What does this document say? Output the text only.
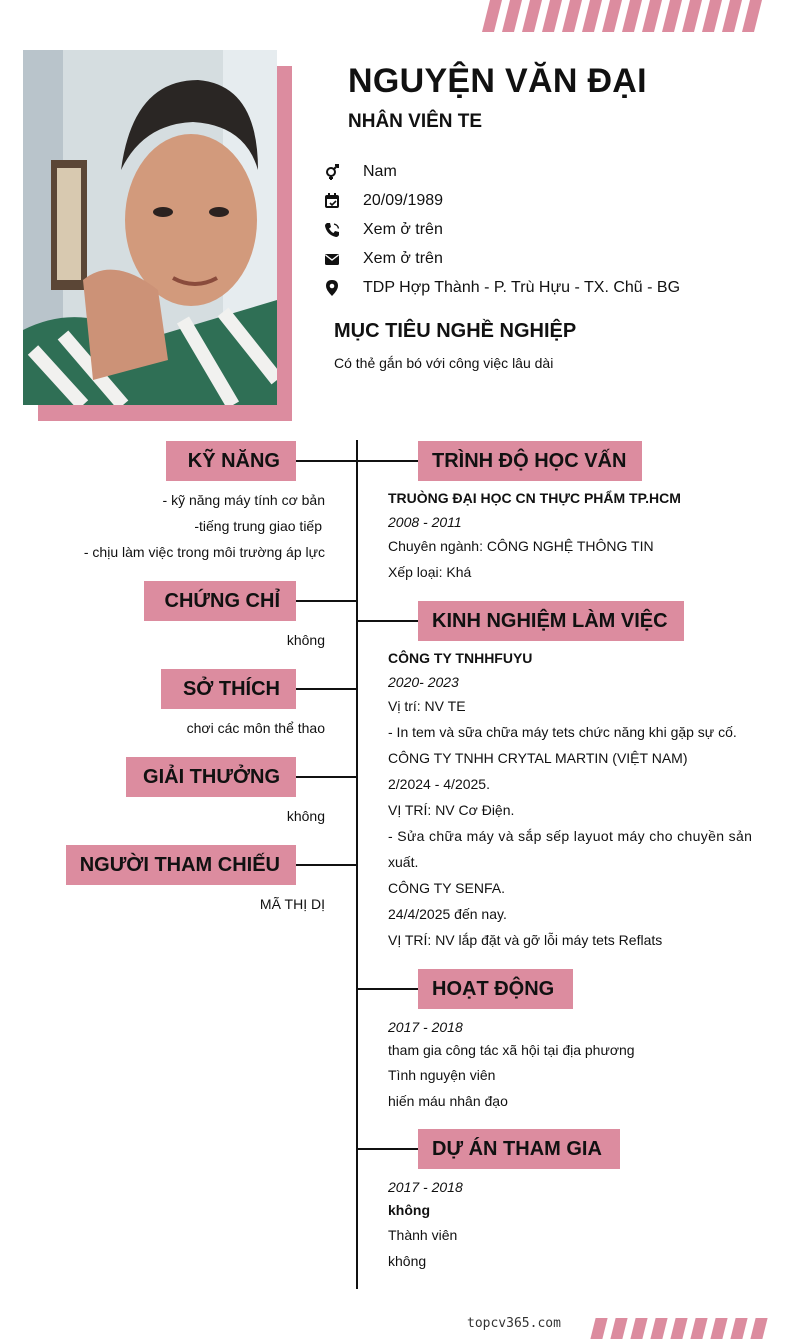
NGUYỆN VĂN ĐẠI
NHÂN VIÊN TE
Nam
20/09/1989
Xem ở trên
Xem ở trên
TDP Hợp Thành - P. Trù Hựu - TX. Chũ - BG
MỤC TIÊU NGHỀ NGHIỆP
Có thẻ gắn bó với công việc lâu dài
KỸ NĂNG
- kỹ năng máy tính cơ bản
-tiếng trung giao tiếp
- chịu làm việc trong môi trường áp lực
CHỨNG CHỈ
không
SỞ THÍCH
chơi các môn thể thao
GIẢI THƯỞNG
không
NGƯỜI THAM CHIẾU
MÃ THỊ DỊ
TRÌNH ĐỘ HỌC VẤN
TRUÒNG ĐẠI HỌC CN THỰC PHẨM TP.HCM
2008 - 2011
Chuyên ngành: CÔNG NGHỆ THÔNG TIN
Xếp loại: Khá
KINH NGHIỆM LÀM VIỆC
CÔNG TY TNHHFUYU
2020- 2023
Vị trí: NV TE
- In tem và sữa chữa máy tets chức năng khi gặp sự cố.
CÔNG TY TNHH CRYTAL MARTIN (VIỆT NAM)
2/2024 - 4/2025.
VỊ TRÍ: NV Cơ Điện.
- Sửa chữa máy và sắp sếp layuot máy cho chuyền sản
xuất.
CÔNG TY SENFA.
24/4/2025 đến nay.
VỊ TRÍ: NV lắp đặt và gỡ lỗi máy tets Reflats
HOẠT ĐỘNG
2017 - 2018
tham gia công tác xã hội tại địa phương
Tình nguyện viên
hiến máu nhân đạo
DỰ ÁN THAM GIA
2017 - 2018
không
Thành viên
không
topcv365.com
